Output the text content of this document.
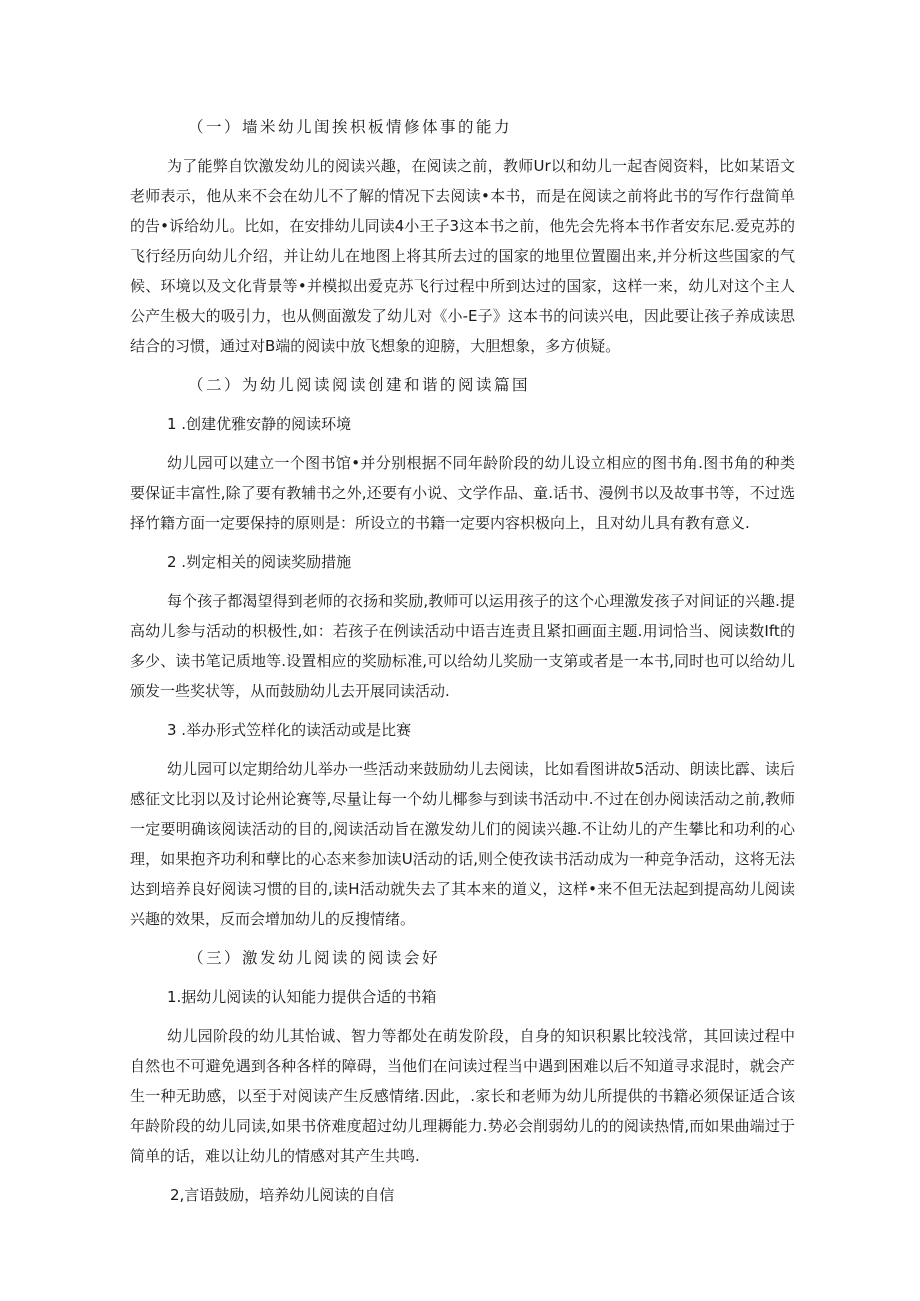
（一）墙米幼儿闺挨枳板情修体事的能力
为了能弊自饮激发幼儿的阅读兴趣，在阅读之前，教师Ur以和幼儿一起杳阅资料，比如某语文老师表示，他从来不会在幼儿不了解的情况下去阅读•本书，而是在阅读之前将此书的写作行盘简单的告•诉给幼儿。比如，在安排幼儿同读4小王子3这本书之前，他先会先将本书作者安东尼.爱克苏的飞行经历向幼儿介绍，并让幼儿在地图上将其所去过的国家的地里位置圈出来,并分析这些国家的气候、环境以及文化背景等•并模拟出爱克苏飞行过程中所到达过的国家，这样一来，幼儿对这个主人公产生极大的吸引力，也从侧面激发了幼儿对《小-E子》这本书的问读兴电，因此要让孩子养成读思结合的习惯，通过对B端的阅读中放飞想象的迎膀，大胆想象，多方侦疑。
（二）为幼儿阅读阅读创建和谐的阅读篇国
1 .创建优雅安静的阅读环境
幼儿园可以建立一个图书馆•并分别根据不同年龄阶段的幼儿设立相应的图书角.图书角的种类要保证丰富性,除了要有教辅书之外,还要有小说、文学作品、童.话书、漫例书以及故事书等，不过选择竹籍方面一定要保持的原则是：所设立的书籍一定要内容枳极向上，且对幼儿具有教有意义.
2 .刿定相关的阅读奖励措施
每个孩子都渴望得到老师的衣扬和奖励,教师可以运用孩子的这个心理激发孩子对间证的兴趣.提高幼儿参与活动的枳极性,如：若孩子在例读活动中语吉连责且紧扣画面主题.用词恰当、阅读数Ift的多少、读书笔记质地等.设置相应的奖励标准,可以给幼儿奖励一支第或者是一本书,同时也可以给幼儿颁发一些奖状等，从而鼓励幼儿去开展同读活动.
3 .举办形式笠样化的读活动或是比赛
幼儿园可以定期给幼儿举办一些活动来鼓励幼儿去阅读，比如看图讲故5活动、朗读比霹、读后感征文比羽以及讨论州论赛等,尽量让每一个幼儿椰参与到读书活动中.不过在创办阅读活动之前,教师一定要明确该阅读活动的目的,阅读活动旨在激发幼儿们的阅读兴趣.不让幼儿的产生攀比和功利的心理，如果抱齐功利和孽比的心态来参加读U活动的话,则仝使孜读书活动成为一种竞争活动，这将无法达到培养良好阅读习惯的目的,读H活动就失去了其本来的道义，这样•来不但无法起到提高幼儿阅读兴趣的效果，反而会增加幼儿的反搜情绪。
（三）激发幼儿阅读的阅读会好
1.据幼儿阅读的认知能力提供合适的书箱
幼儿园阶段的幼儿其怡诚、智力等都处在萌发阶段，自身的知识积累比较浅常，其回读过程中自然也不可避免遇到各种各样的障碍，当他们在问读过程当中遇到困难以后不知道寻求混时，就会产生一种无助感，以至于对阅读产生反感情绪.因此，.家长和老师为幼儿所提供的书籍必须保证适合该年龄阶段的幼儿同读,如果书侪难度超过幼儿理耨能力.势必会削弱幼儿的的阅读热情,而如果曲端过于简单的话，难以让幼儿的情感对其产生共鸣.
2,言语鼓励，培养幼儿阅读的自信
